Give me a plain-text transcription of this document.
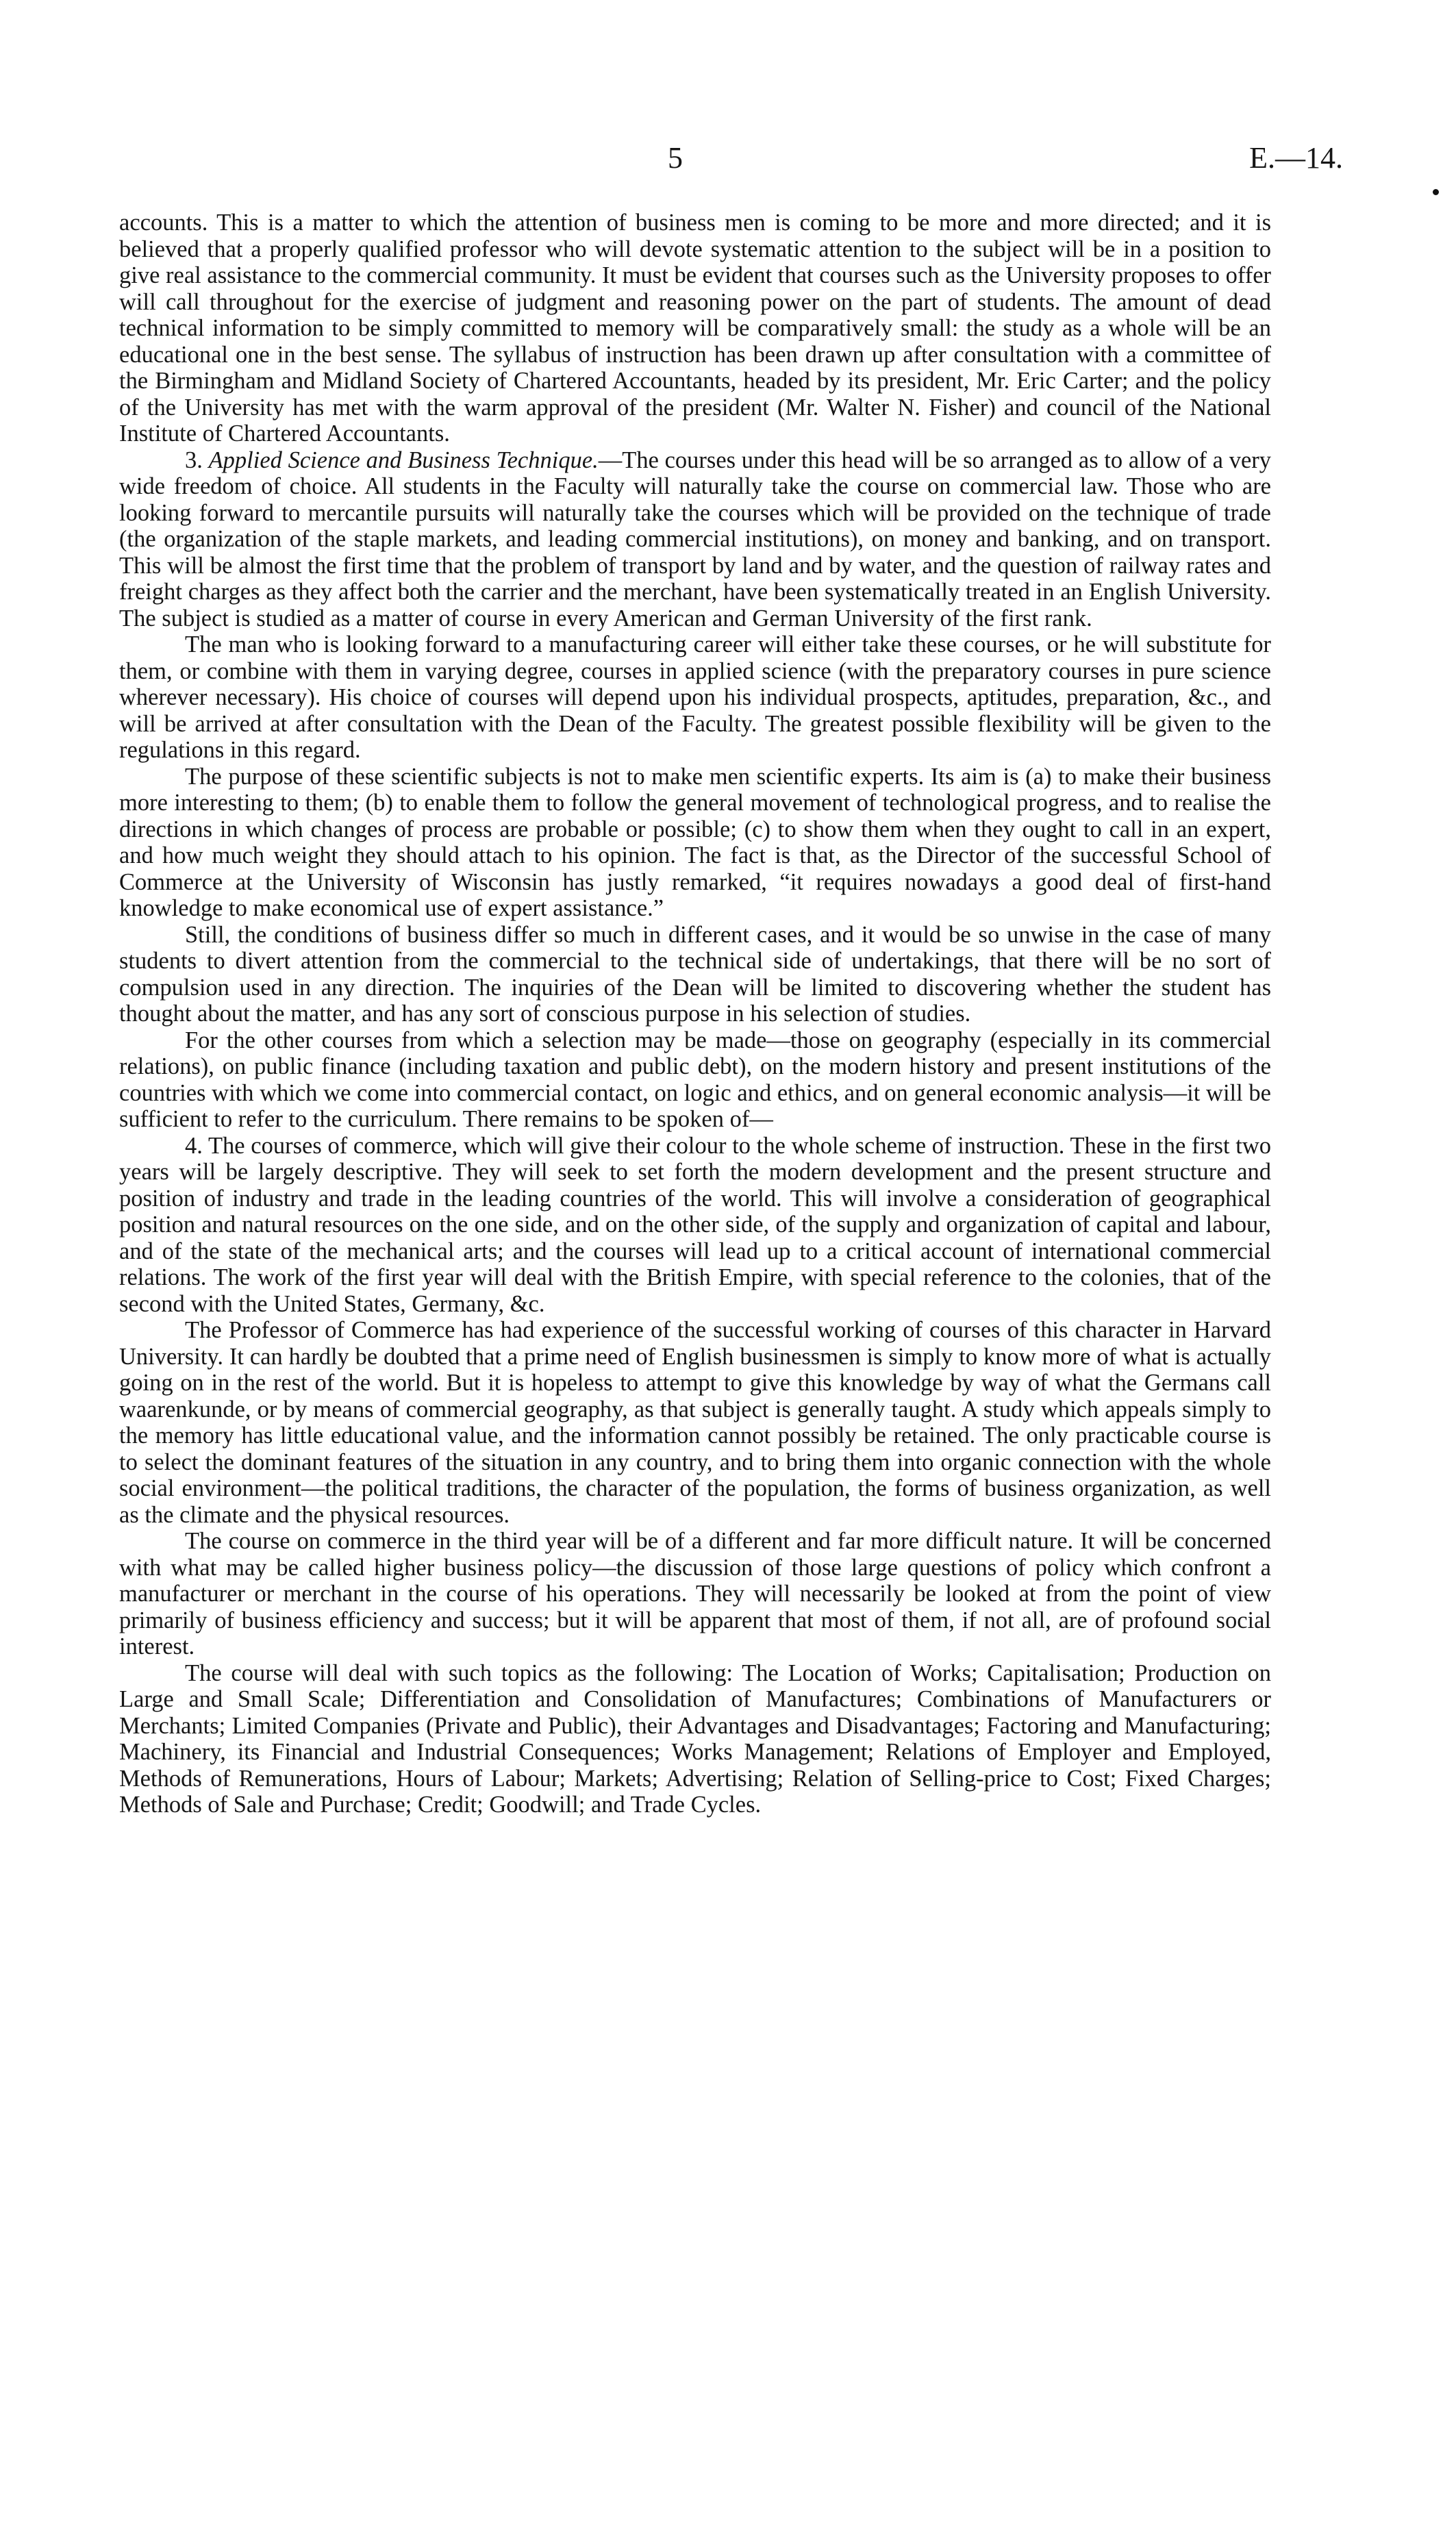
5	E.—14.

accounts. This is a matter to which the attention of business men is coming to be more and more directed; and it is believed that a properly qualified professor who will devote systematic attention to the subject will be in a position to give real assistance to the commercial community. It must be evident that courses such as the University proposes to offer will call throughout for the exercise of judgment and reasoning power on the part of students. The amount of dead technical information to be simply committed to memory will be comparatively small: the study as a whole will be an educational one in the best sense. The syllabus of instruction has been drawn up after consultation with a committee of the Birmingham and Midland Society of Chartered Accountants, headed by its president, Mr. Eric Carter; and the policy of the University has met with the warm approval of the president (Mr. Walter N. Fisher) and council of the National Institute of Chartered Accountants.

3. Applied Science and Business Technique.—The courses under this head will be so arranged as to allow of a very wide freedom of choice. All students in the Faculty will naturally take the course on commercial law. Those who are looking forward to mercantile pursuits will naturally take the courses which will be provided on the technique of trade (the organization of the staple markets, and leading commercial institutions), on money and banking, and on transport. This will be almost the first time that the problem of transport by land and by water, and the question of railway rates and freight charges as they affect both the carrier and the merchant, have been systematically treated in an English University. The subject is studied as a matter of course in every American and German University of the first rank.

The man who is looking forward to a manufacturing career will either take these courses, or he will substitute for them, or combine with them in varying degree, courses in applied science (with the preparatory courses in pure science wherever necessary). His choice of courses will depend upon his individual prospects, aptitudes, preparation, &c., and will be arrived at after consultation with the Dean of the Faculty. The greatest possible flexibility will be given to the regulations in this regard.

The purpose of these scientific subjects is not to make men scientific experts. Its aim is (a) to make their business more interesting to them; (b) to enable them to follow the general movement of technological progress, and to realise the directions in which changes of process are probable or possible; (c) to show them when they ought to call in an expert, and how much weight they should attach to his opinion. The fact is that, as the Director of the successful School of Commerce at the University of Wisconsin has justly remarked, “it requires nowadays a good deal of first-hand knowledge to make economical use of expert assistance.”

Still, the conditions of business differ so much in different cases, and it would be so unwise in the case of many students to divert attention from the commercial to the technical side of undertakings, that there will be no sort of compulsion used in any direction. The inquiries of the Dean will be limited to discovering whether the student has thought about the matter, and has any sort of conscious purpose in his selection of studies.

For the other courses from which a selection may be made—those on geography (especially in its commercial relations), on public finance (including taxation and public debt), on the modern history and present institutions of the countries with which we come into commercial contact, on logic and ethics, and on general economic analysis—it will be sufficient to refer to the curriculum. There remains to be spoken of—

4. The courses of commerce, which will give their colour to the whole scheme of instruction. These in the first two years will be largely descriptive. They will seek to set forth the modern development and the present structure and position of industry and trade in the leading countries of the world. This will involve a consideration of geographical position and natural resources on the one side, and on the other side, of the supply and organization of capital and labour, and of the state of the mechanical arts; and the courses will lead up to a critical account of international commercial relations. The work of the first year will deal with the British Empire, with special reference to the colonies, that of the second with the United States, Germany, &c.

The Professor of Commerce has had experience of the successful working of courses of this character in Harvard University. It can hardly be doubted that a prime need of English businessmen is simply to know more of what is actually going on in the rest of the world. But it is hopeless to attempt to give this knowledge by way of what the Germans call waarenkunde, or by means of commercial geography, as that subject is generally taught. A study which appeals simply to the memory has little educational value, and the information cannot possibly be retained. The only practicable course is to select the dominant features of the situation in any country, and to bring them into organic connection with the whole social environment—the political traditions, the character of the population, the forms of business organization, as well as the climate and the physical resources.

The course on commerce in the third year will be of a different and far more difficult nature. It will be concerned with what may be called higher business policy—the discussion of those large questions of policy which confront a manufacturer or merchant in the course of his operations. They will necessarily be looked at from the point of view primarily of business efficiency and success; but it will be apparent that most of them, if not all, are of profound social interest.

The course will deal with such topics as the following: The Location of Works; Capitalisation; Production on Large and Small Scale; Differentiation and Consolidation of Manufactures; Combinations of Manufacturers or Merchants; Limited Companies (Private and Public), their Advantages and Disadvantages; Factoring and Manufacturing; Machinery, its Financial and Industrial Consequences; Works Management; Relations of Employer and Employed, Methods of Remunerations, Hours of Labour; Markets; Advertising; Relation of Selling-price to Cost; Fixed Charges; Methods of Sale and Purchase; Credit; Goodwill; and Trade Cycles.
